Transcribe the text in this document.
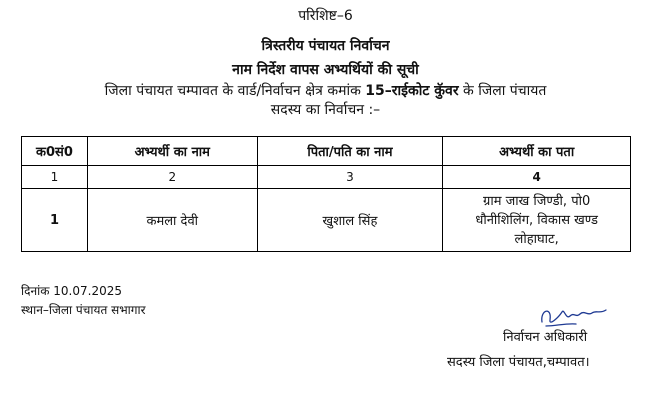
परिशिष्ट–6
त्रिस्तरीय पंचायत निर्वाचन
नाम निर्देश वापस अभ्यर्थियों की सूची
जिला पंचायत चम्पावत के वार्ड/निर्वाचन क्षेत्र कमांक 15–राईकोट कुॅवर के जिला पंचायत
सदस्य का निर्वाचन :–
क0सं0	अभ्यर्थी का नाम	पिता/पति का नाम	अभ्यर्थी का पता
1	2	3	4
1	कमला देवी	खुशाल सिंह	ग्राम जाख जिण्डी, पो0
धौनीशिलिंग, विकास खण्ड
लोहाघाट,
दिनांक 10.07.2025
स्थान–जिला पंचायत सभागार
निर्वाचन अधिकारी
सदस्य जिला पंचायत,चम्पावत।
